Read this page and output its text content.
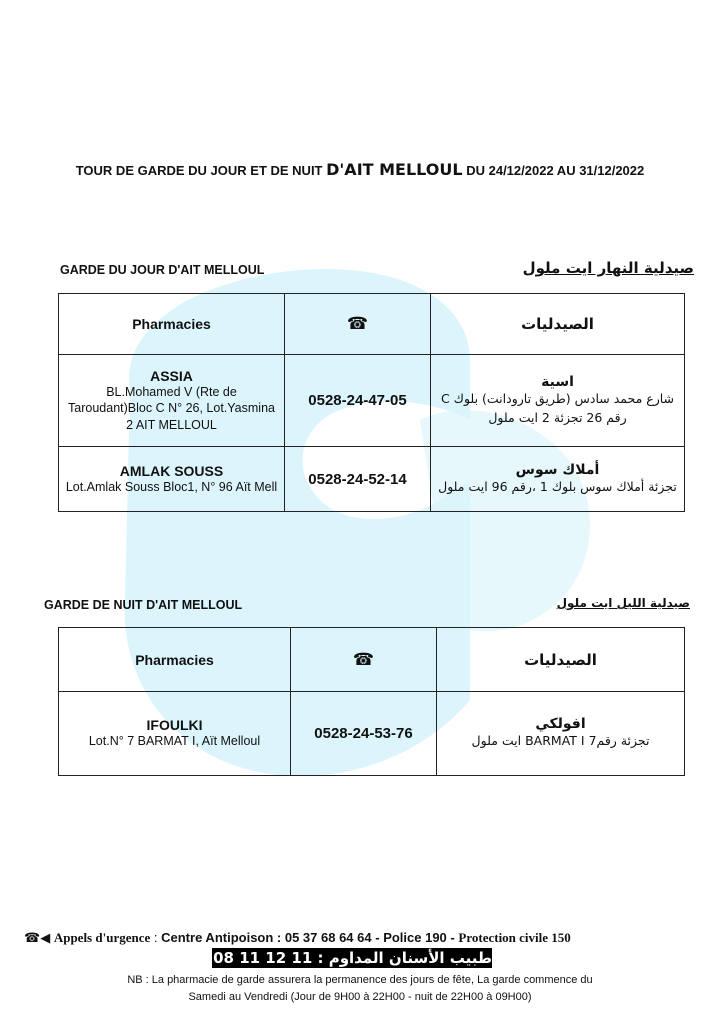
TOUR DE GARDE DU JOUR ET DE NUIT D'AIT MELLOUL DU 24/12/2022 AU 31/12/2022
GARDE DU JOUR D'AIT MELLOUL	صيدلية النهار ايت ملول
Pharmacies	☎	الصيدليات

ASSIA
BL.Mohamed V (Rte de Taroudant)Bloc C N° 26, Lot.Yasmina 2 AIT MELLOUL	0528-24-47-05	اسية
شارع محمد سادس (طريق تارودانت) بلوك C رقم 26 تجزئة 2 ايت ملول

AMLAK SOUSS
Lot.Amlak Souss Bloc1, N° 96 Aït Mell	0528-24-52-14	أملاك سوس
تجزئة أملاك سوس بلوك 1 ،رقم 96 ايت ملول
GARDE DE NUIT D'AIT MELLOUL	صيدلية الليل ايت ملول
Pharmacies	☎	الصيدليات

IFOULKI
Lot.N° 7 BARMAT I, Aït Melloul	0528-24-53-76	افولكي
تجزئة رقم7 BARMAT I ايت ملول
☎◀︎ Appels d'urgence : Centre Antipoison : 05 37 68 64 64 - Police 190 - Protection civile 150
طبيب الأسنان المداوم : 11 12 11 08 06
NB : La pharmacie de garde assurera la permanence des jours de fête, La garde commence du
Samedi au Vendredi (Jour de 9H00 à 22H00 - nuit de 22H00 à 09H00)
